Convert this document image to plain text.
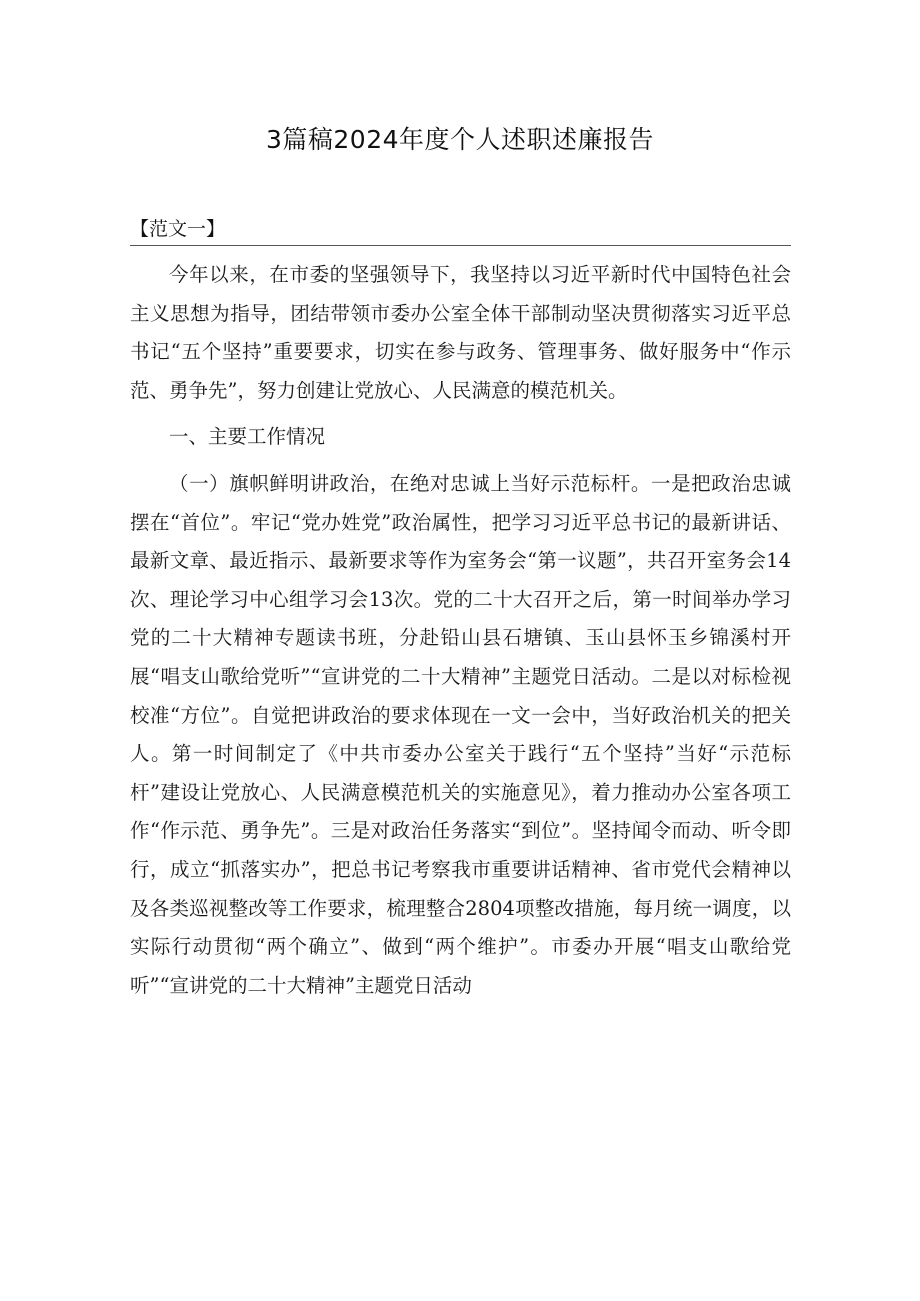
3篇稿2024年度个人述职述廉报告
【范文一】

今年以来，在市委的坚强领导下，我坚持以习近平新时代中国特色社会主义思想为指导，团结带领市委办公室全体干部制动坚决贯彻落实习近平总书记“五个坚持”重要要求，切实在参与政务、管理事务、做好服务中“作示范、勇争先”，努力创建让党放心、人民满意的模范机关。

一、主要工作情况

（一）旗帜鲜明讲政治，在绝对忠诚上当好示范标杆。一是把政治忠诚摆在“首位”。牢记“党办姓党”政治属性，把学习习近平总书记的最新讲话、最新文章、最近指示、最新要求等作为室务会“第一议题”，共召开室务会14次、理论学习中心组学习会13次。党的二十大召开之后，第一时间举办学习党的二十大精神专题读书班，分赴铅山县石塘镇、玉山县怀玉乡锦溪村开展“唱支山歌给党听”“宣讲党的二十大精神”主题党日活动。二是以对标检视校准“方位”。自觉把讲政治的要求体现在一文一会中，当好政治机关的把关人。第一时间制定了《中共市委办公室关于践行“五个坚持”当好“示范标杆”建设让党放心、人民满意模范机关的实施意见》，着力推动办公室各项工作“作示范、勇争先”。三是对政治任务落实“到位”。坚持闻令而动、听令即行，成立“抓落实办”，把总书记考察我市重要讲话精神、省市党代会精神以及各类巡视整改等工作要求，梳理整合2804项整改措施，每月统一调度，以实际行动贯彻“两个确立”、做到“两个维护”。市委办开展“唱支山歌给党听”“宣讲党的二十大精神”主题党日活动
